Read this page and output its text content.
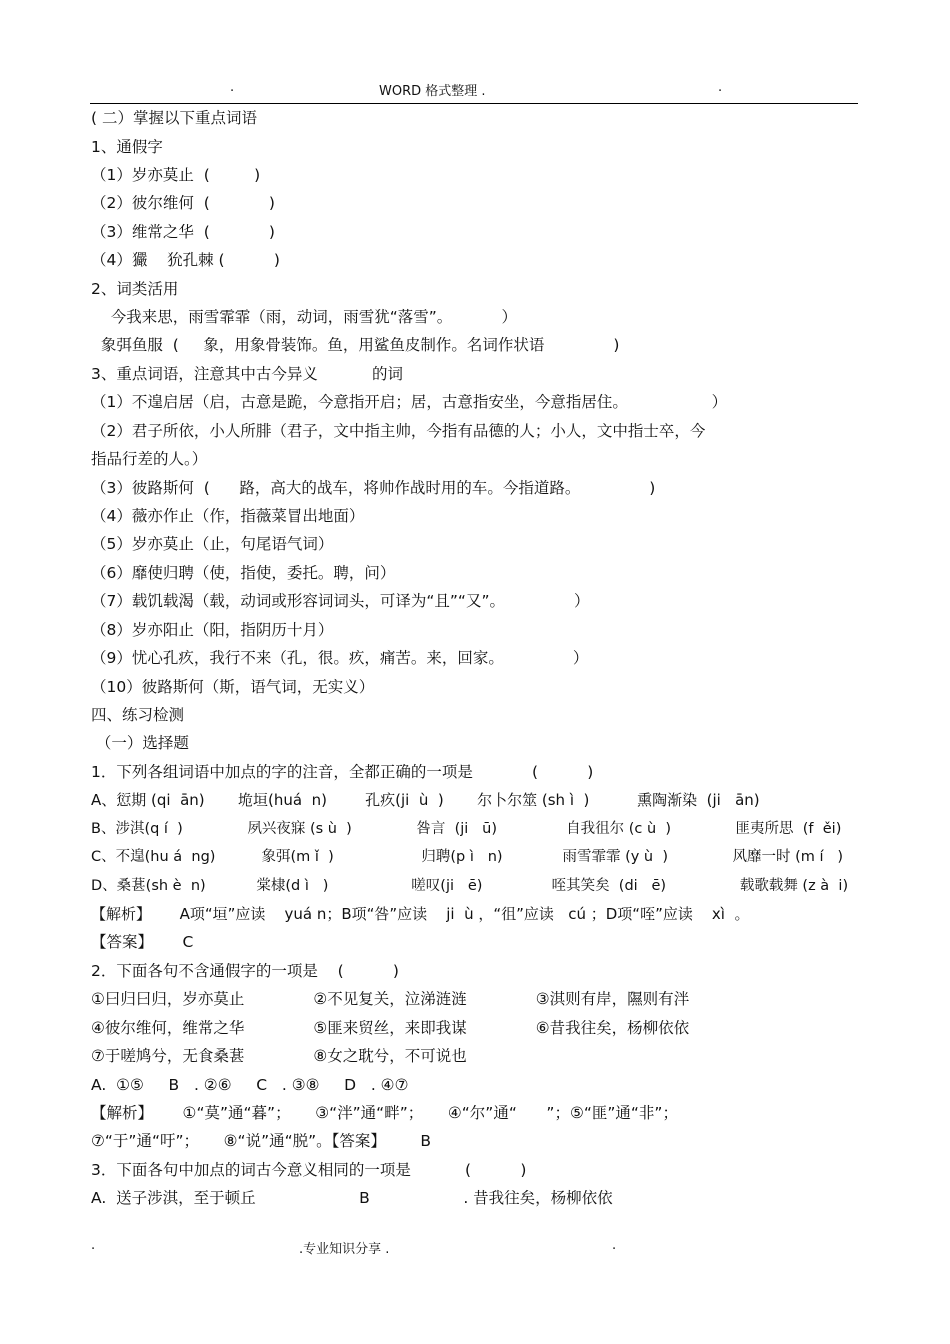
.	WORD 格式整理 .	.
( 二）掌握以下重点词语
1、通假字
（1）岁亦莫止  (         )
（2）彼尔维何  (            )
（3）维常之华  (            )
（4）玁    狁孔棘 (          )
2、词类活用
今我来思，雨雪霏霏（雨，动词，雨雪犹“落雪”。          ）
象弭鱼服  (     象，用象骨装饰。鱼，用鲨鱼皮制作。名词作状语              )
3、重点词语，注意其中古今异义           的词
（1）不遑启居（启，古意是跪，今意指开启；居，古意指安坐，今意指居住。                 ）
（2）君子所依，小人所腓（君子，文中指主帅，今指有品德的人；小人，文中指士卒，今
指品行差的人。）
（3）彼路斯何  (      路，高大的战车，将帅作战时用的车。今指道路。              )
（4）薇亦作止（作，指薇菜冒出地面）
（5）岁亦莫止（止，句尾语气词）
（6）靡使归聘（使，指使，委托。聘，问）
（7）载饥载渴（载，动词或形容词词头，可译为“且”“又”。              ）
（8）岁亦阳止（阳，指阴历十月）
（9）忧心孔疚，我行不来（孔，很。疚，痛苦。来，回家。              ）
（10）彼路斯何（斯，语气词，无实义）
四、练习检测
（一）选择题
1．下列各组词语中加点的字的注音，全都正确的一项是            (          )
A、愆期 (qi  ān)       垝垣(huá  n)        孔疚(ji  ù  )       尔卜尔筮 (sh ì  )          熏陶渐染  (ji   ān)
B、涉淇(q í  )              夙兴夜寐 (s ù  )              咎言  (ji   ū)               自我徂尔 (c ù  )              匪夷所思  (f  ěi)
C、不遑(hu á  ng)          象弭(m ǐ  )                   归聘(p ì   n)             雨雪霏霏 (y ù  )              风靡一时 (m í   )
D、桑葚(sh è  n)           棠棣(d ì   )                  嗟叹(ji   ē)               咥其笑矣  (di   ē)                载歌载舞 (z à  i)
【解析】      A项“垣”应读    yuá n；B项“咎”应读    ji  ù ，“徂”应读   cú ；D项“咥”应读    xì  。
【答案】      C
2．下面各句不含通假字的一项是    (          )
①曰归曰归，岁亦莫止              ②不见复关，泣涕涟涟              ③淇则有岸，隰则有泮
④彼尔维何，维常之华              ⑤匪来贸丝，来即我谋              ⑥昔我往矣，杨柳依依
⑦于嗟鸠兮，无食桑葚              ⑧女之耽兮，不可说也
A.  ①⑤     B   . ②⑥     C   . ③⑧     D   . ④⑦
【解析】      ①“莫”通“暮”；     ③“泮”通“畔”；     ④“尔”通“      ”；⑤“匪”通“非”；
⑦“于”通“吁”；     ⑧“说”通“脱”。【答案】       B
3．下面各句中加点的词古今意义相同的一项是           (          )
A.  送子涉淇，至于顿丘                     B                   . 昔我往矣，杨柳依依
.	.专业知识分享 .	.
